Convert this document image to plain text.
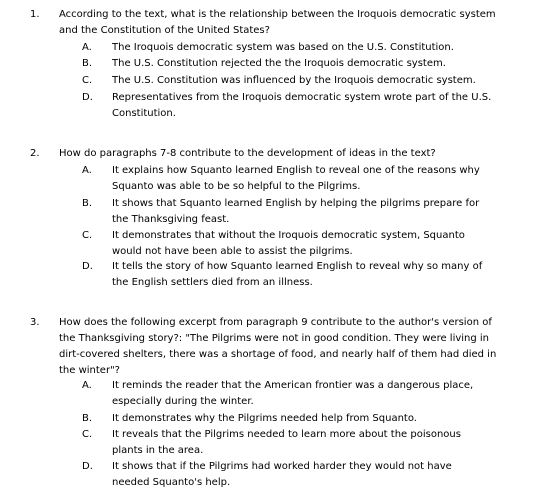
1. According to the text, what is the relationship between the Iroquois democratic system and the Constitution of the United States?
A. The Iroquois democratic system was based on the U.S. Constitution.
B. The U.S. Constitution rejected the the Iroquois democratic system.
C. The U.S. Constitution was influenced by the Iroquois democratic system.
D. Representatives from the Iroquois democratic system wrote part of the U.S. Constitution.
2. How do paragraphs 7-8 contribute to the development of ideas in the text?
A. It explains how Squanto learned English to reveal one of the reasons why Squanto was able to be so helpful to the Pilgrims.
B. It shows that Squanto learned English by helping the pilgrims prepare for the Thanksgiving feast.
C. It demonstrates that without the Iroquois democratic system, Squanto would not have been able to assist the pilgrims.
D. It tells the story of how Squanto learned English to reveal why so many of the English settlers died from an illness.
3. How does the following excerpt from paragraph 9 contribute to the author's version of the Thanksgiving story?: "The Pilgrims were not in good condition. They were living in dirt-covered shelters, there was a shortage of food, and nearly half of them had died in the winter"?
A. It reminds the reader that the American frontier was a dangerous place, especially during the winter.
B. It demonstrates why the Pilgrims needed help from Squanto.
C. It reveals that the Pilgrims needed to learn more about the poisonous plants in the area.
D. It shows that if the Pilgrims had worked harder they would not have needed Squanto's help.
